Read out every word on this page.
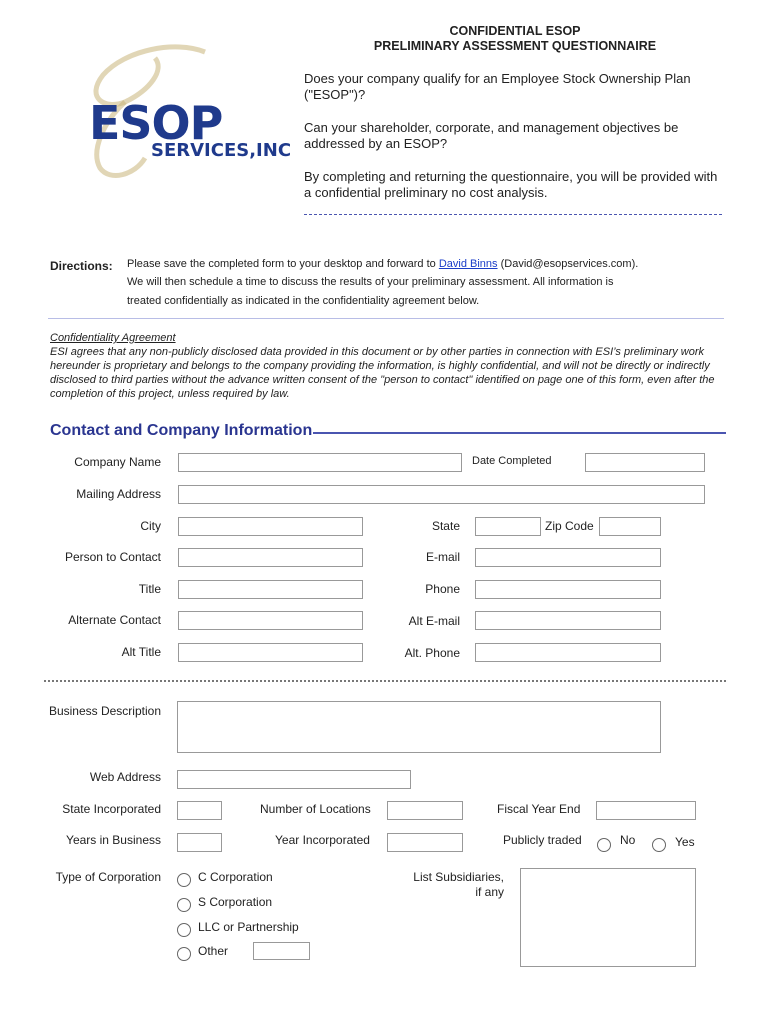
ESOP
SERVICES,INC
CONFIDENTIAL ESOP
PRELIMINARY ASSESSMENT QUESTIONNAIRE
Does your company qualify for an Employee Stock Ownership Plan ("ESOP")?
Can your shareholder, corporate, and management objectives be addressed by an ESOP?
By completing and returning the questionnaire, you will be provided with a confidential preliminary no cost analysis.
Directions: Please save the completed form to your desktop and forward to David Binns (David@esopservices.com).
We will then schedule a time to discuss the results of your preliminary assessment. All information is
treated confidentially as indicated in the confidentiality agreement below.
Confidentiality Agreement
ESI agrees that any non-publicly disclosed data provided in this document or by other parties in connection with ESI’s preliminary work hereunder is proprietary and belongs to the company providing the information, is highly confidential, and will not be directly or indirectly disclosed to third parties without the advance written consent of the "person to contact" identified on page one of this form, even after the completion of this project, unless required by law.
Contact and Company Information
Company Name	Date Completed
Mailing Address
City	State	Zip Code
Person to Contact	E-mail
Title	Phone
Alternate Contact	Alt E-mail
Alt Title	Alt. Phone
Business Description
Web Address
State Incorporated	Number of Locations	Fiscal Year End
Years in Business	Year Incorporated	Publicly traded	No	Yes
Type of Corporation	C Corporation
S Corporation
LLC or Partnership
Other
List Subsidiaries,
if any
